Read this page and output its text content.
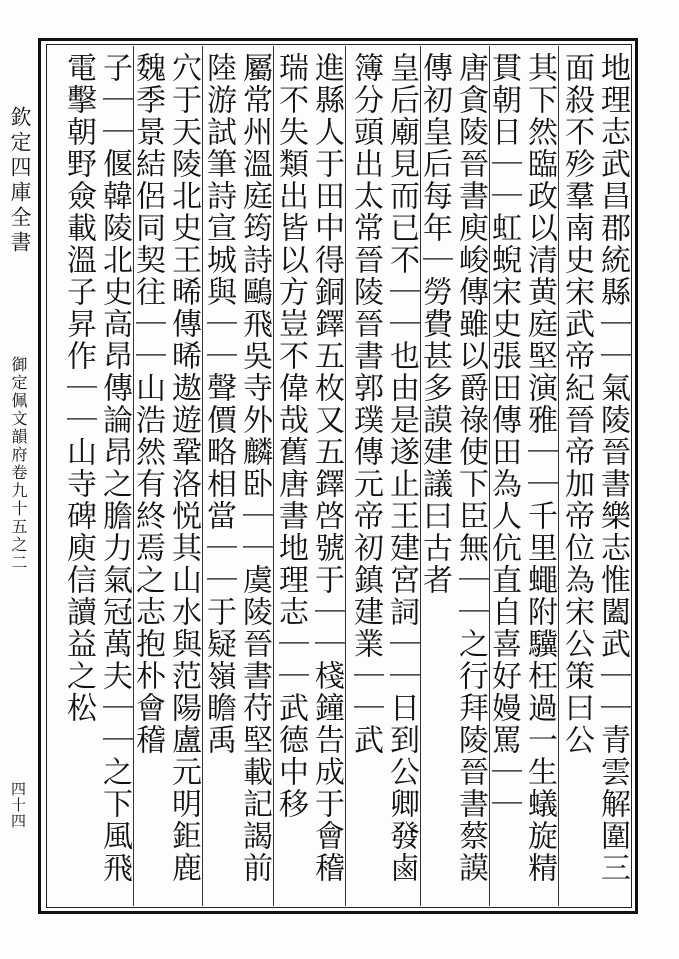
欽定四庫全書
御定佩文韻府卷九十五之二
四十四	地理志武昌郡統縣｜｜氣陵晉書樂志惟闔武｜｜青雲解圍三面殺不殄羣南史宋武帝紀晉帝加帝位為宋公策曰公
其下然臨政以清黄庭堅演雅｜｜千里蠅附驥枉過一生蟻旋精貫朝日｜｜虹蜺宋史張田傳田為人伉直自喜好嫚罵｜｜
唐貪陵晉書庾峻傳雖以爵祿使下臣無｜｜之行拜陵晉書蔡謨傳初皇后每年｜勞費甚多謨建議曰古者
皇后廟見而已不｜｜也由是遂止王建宮詞｜｜日到公卿發鹵簿分頭出太常晉陵晉書郭璞傳元帝初鎮建業｜｜武
進縣人于田中得銅鐸五枚又五鐸啓號于｜｜棧鐘告成于會稽瑞不失類出皆以方豈不偉哉舊唐書地理志｜｜武德中移
屬常州溫庭筠詩鷗飛吳寺外麟卧｜｜虞陵晉書苻堅載記謁前陸游試筆詩宣城與｜｜聲價略相當｜｜于疑嶺瞻禹
穴于天陵北史王晞傳晞遨遊鞏洛悦其山水與范陽盧元明鉅鹿魏季景結侶同契往｜｜山浩然有終焉之志抱朴會稽
子｜｜偃韓陵北史高昂傳論昂之膽力氣冠萬夫｜｜之下風飛電擊朝野僉載溫子昇作｜｜山寺碑庾信讀益之松
